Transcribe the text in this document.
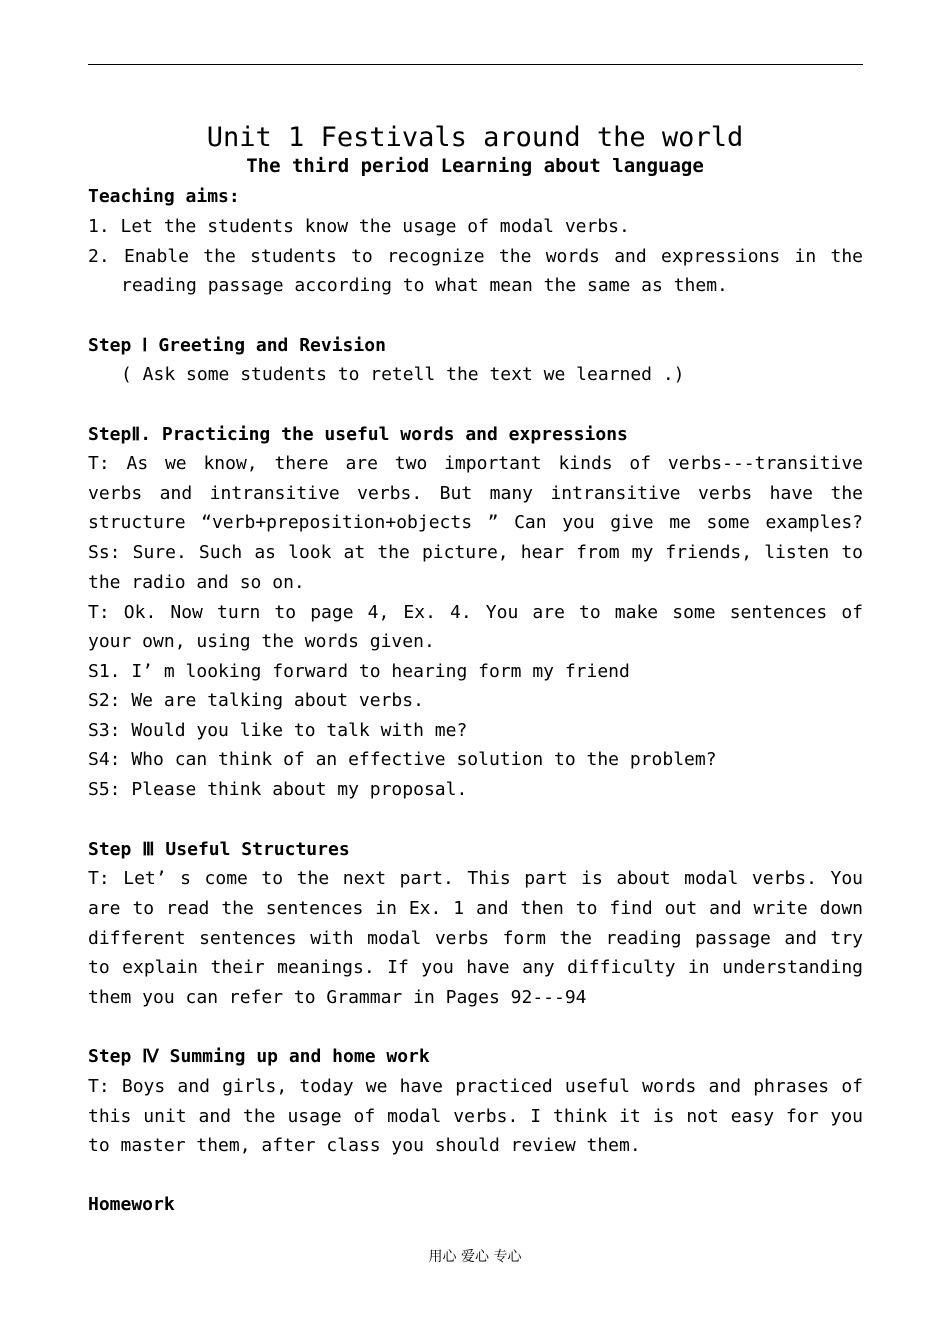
Unit 1 Festivals around the world
The third period Learning about language
Teaching aims:
1. Let the students know the usage of modal verbs.
2. Enable the students to recognize the words and expressions in the
reading passage according to what mean the same as them.
Step Ⅰ Greeting and Revision
( Ask some students to retell the text we learned .)
StepⅡ. Practicing the useful words and expressions
T: As we know, there are two important kinds of verbs---transitive
verbs and intransitive verbs. But many intransitive verbs have the
structure “verb+preposition+objects ” Can you give me some examples?
Ss: Sure. Such as look at the picture, hear from my friends, listen to
the radio and so on.
T: Ok. Now turn to page 4, Ex. 4. You are to make some sentences of
your own, using the words given.
S1. I’ m looking forward to hearing form my friend
S2: We are talking about verbs.
S3: Would you like to talk with me?
S4: Who can think of an effective solution to the problem?
S5: Please think about my proposal.
Step Ⅲ Useful Structures
T: Let’ s come to the next part. This part is about modal verbs. You
are to read the sentences in Ex. 1 and then to find out and write down
different sentences with modal verbs form the reading passage and try
to explain their meanings. If you have any difficulty in understanding
them you can refer to Grammar in Pages 92---94
Step Ⅳ Summing up and home work
T: Boys and girls, today we have practiced useful words and phrases of
this unit and the usage of modal verbs. I think it is not easy for you
to master them, after class you should review them.
Homework
用心 爱心 专心
